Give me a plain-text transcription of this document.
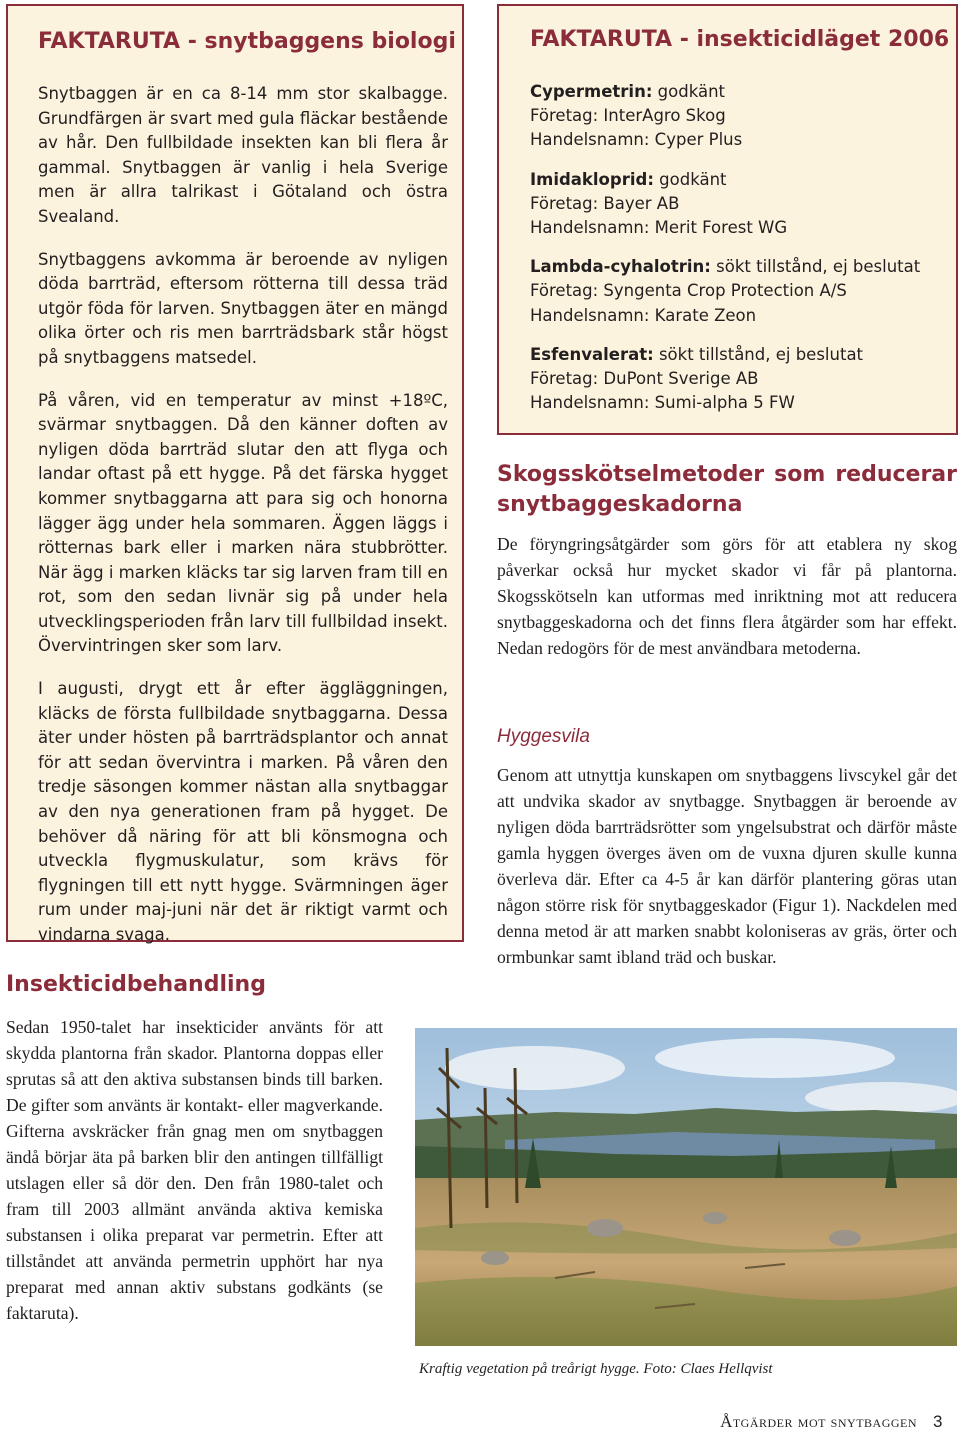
FAKTARUTA - snytbaggens biologi

Snytbaggen är en ca 8-14 mm stor skalbagge. Grundfärgen är svart med gula fläckar bestående av hår. Den fullbildade insekten kan bli flera år gammal. Snytbaggen är vanlig i hela Sverige men är allra talrikast i Götaland och östra Svealand.

Snytbaggens avkomma är beroende av nyligen döda barrträd, eftersom rötterna till dessa träd utgör föda för larven. Snytbaggen äter en mängd olika örter och ris men barrträdsbark står högst på snytbaggens matsedel.

På våren, vid en temperatur av minst +18ºC, svärmar snytbaggen. Då den känner doften av nyligen döda barrträd slutar den att flyga och landar oftast på ett hygge. På det färska hygget kommer snytbaggarna att para sig och honorna lägger ägg under hela sommaren. Äggen läggs i rötternas bark eller i marken nära stubbrötter. När ägg i marken kläcks tar sig larven fram till en rot, som den sedan livnär sig på under hela utvecklingsperioden från larv till fullbildad insekt. Övervintringen sker som larv.

I augusti, drygt ett år efter äggläggningen, kläcks de första fullbildade snytbaggarna. Dessa äter under hösten på barrträdsplantor och annat för att sedan övervintra i marken. På våren den tredje säsongen kommer nästan alla snytbaggar av den nya generationen fram på hygget. De behöver då näring för att bli könsmogna och utveckla flygmuskulatur, som krävs för flygningen till ett nytt hygge. Svärmningen äger rum under maj-juni när det är riktigt varmt och vindarna svaga.

FAKTARUTA - insekticidläget 2006
Cypermetrin: godkänt
Företag: InterAgro Skog
Handelsnamn: Cyper Plus
Imidakloprid: godkänt
Företag: Bayer AB
Handelsnamn: Merit Forest WG
Lambda-cyhalotrin: sökt tillstånd, ej beslutat
Företag: Syngenta Crop Protection A/S
Handelsnamn: Karate Zeon
Esfenvalerat: sökt tillstånd, ej beslutat
Företag: DuPont Sverige AB
Handelsnamn: Sumi-alpha 5 FW
Skogsskötselmetoder som reducerar snytbaggeskadorna

De föryngringsåtgärder som görs för att etablera ny skog påverkar också hur mycket skador vi får på plantorna. Skogsskötseln kan utformas med inriktning mot att reducera snytbaggeskadorna och det finns flera åtgärder som har effekt. Nedan redogörs för de mest användbara metoderna.

Hyggesvila

Genom att utnyttja kunskapen om snytbaggens livscykel går det att undvika skador av snytbagge. Snytbaggen är beroende av nyligen döda barrträdsrötter som yngelsubstrat och därför måste gamla hyggen överges även om de vuxna djuren skulle kunna överleva där. Efter ca 4-5 år kan därför plantering göras utan någon större risk för snytbaggeskador (Figur 1). Nackdelen med denna metod är att marken snabbt koloniseras av gräs, örter och ormbunkar samt ibland träd och buskar.

Insekticidbehandling

Sedan 1950-talet har insekticider använts för att skydda plantorna från skador. Plantorna doppas eller sprutas så att den aktiva substansen binds till barken. De gifter som använts är kontakt- eller magverkande. Gifterna avskräcker från gnag men om snytbaggen ändå börjar äta på barken blir den antingen tillfälligt utslagen eller så dör den. Den från 1980-talet och fram till 2003 allmänt använda aktiva kemiska substansen i olika preparat var permetrin. Efter att tillståndet att använda permetrin upphört har nya preparat med annan aktiv substans godkänts (se faktaruta).

Kraftig vegetation på treårigt hygge. Foto: Claes Hellqvist
Åtgärder mot snytbaggen 3
